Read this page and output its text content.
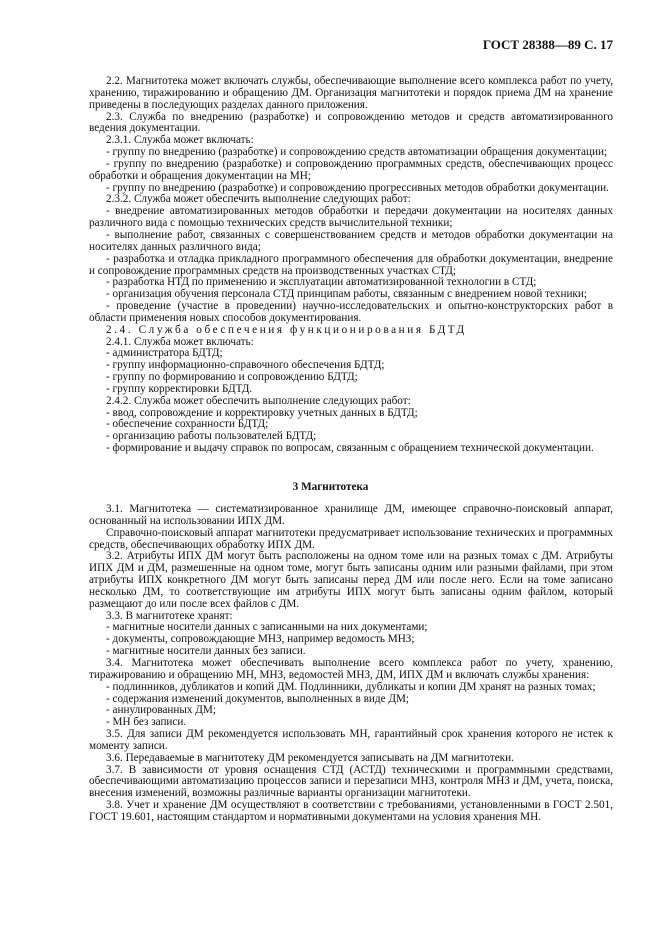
ГОСТ 28388—89 С. 17

2.2. Магнитотека может включать службы, обеспечивающие выполнение всего комплекса работ по учету, хранению, тиражированию и обращению ДМ. Организация магнитотеки и порядок приема ДМ на хранение приведены в последующих разделах данного приложения.

2.3. Служба по внедрению (разработке) и сопровождению методов и средств автоматизированного ведения документации.

2.3.1. Служба может включать:

- группу по внедрению (разработке) и сопровождению средств автоматизации обращения документации;

- группу по внедрению (разработке) и сопровождению программных средств, обеспечивающих процесс обработки и обращения документации на МН;

- группу по внедрению (разработке) и сопровождению прогрессивных методов обработки документации.

2.3.2. Служба может обеспечить выполнение следующих работ:

- внедрение автоматизированных методов обработки и передачи документации на носителях данных различного вида с помощью технических средств вычислительной техники;

- выполнение работ, связанных с совершенствованием средств и методов обработки документации на носителях данных различного вида;

- разработка и отладка прикладного программного обеспечения для обработки документации, внедрение и сопровождение программных средств на производственных участках СТД;

- разработка НТД по применению и эксплуатации автоматизированной технологии в СТД;

- организация обучения персонала СТД принципам работы, связанным с внедрением новой техники;

- проведение (участие в проведении) научно-исследовательских и опытно-конструкторских работ в области применения новых способов документирования.

2.4. Служба обеспечения функционирования БДТД

2.4.1. Служба может включать:

- администратора БДТД;

- группу информационно-справочного обеспечения БДТД;

- группу по формированию и сопровождению БДТД;

- группу корректировки БДТД.

2.4.2. Служба может обеспечить выполнение следующих работ:

- ввод, сопровождение и корректировку учетных данных в БДТД;

- обеспечение сохранности БДТД;

- организацию работы пользователей БДТД;

- формирование и выдачу справок по вопросам, связанным с обращением технической документации.

3 Магнитотека

3.1. Магнитотека — систематизированное хранилище ДМ, имеющее справочно-поисковый аппарат, основанный на использовании ИПХ ДМ.

Справочно-поисковый аппарат магнитотеки предусматривает использование технических и программных средств, обеспечивающих обработку ИПХ ДМ.

3.2. Атрибуты ИПХ ДМ могут быть расположены на одном томе или на разных томах с ДМ. Атрибуты ИПХ ДМ и ДМ, размешенные на одном томе, могут быть записаны одним или разными файлами, при этом атрибуты ИПХ конкретного ДМ могут быть записаны перед ДМ или после него. Если на томе записано несколько ДМ, то соответствующие им атрибуты ИПХ могут быть записаны одним файлом, который размещают до или после всех файлов с ДМ.

3.3. В магнитотеке хранят:

- магнитные носители данных с записанными на них документами;

- документы, сопровождающие МНЗ, например ведомость МНЗ;

- магнитные носители данных без записи.

3.4. Магнитотека может обеспечивать выполнение всего комплекса работ по учету, хранению, тиражированию и обращению МН, МНЗ, ведомостей МНЗ, ДМ, ИПХ ДМ и включать службы хранения:

- подлинников, дубликатов и копий ДМ. Подлинники, дубликаты и копии ДМ хранят на разных томах;

- содержания изменений документов, выполненных в виде ДМ;

- аннулированных ДМ;

- МН без записи.

3.5. Для записи ДМ рекомендуется использовать МН, гарантийный срок хранения которого не истек к моменту записи.

3.6. Передаваемые в магнитотеку ДМ рекомендуется записывать на ДМ магнитотеки.

3.7. В зависимости от уровня оснащения СТД (АСТД) техническими и программными средствами, обеспечивающими автоматизацию процессов записи и перезаписи МНЗ, контроля МНЗ и ДМ, учета, поиска, внесения изменений, возможны различные варианты организации магнитотеки.

3.8. Учет и хранение ДМ осуществляют в соответствии с требованиями, установленными в ГОСТ 2.501, ГОСТ 19.601, настоящим стандартом и нормативными документами на условия хранения МН.
